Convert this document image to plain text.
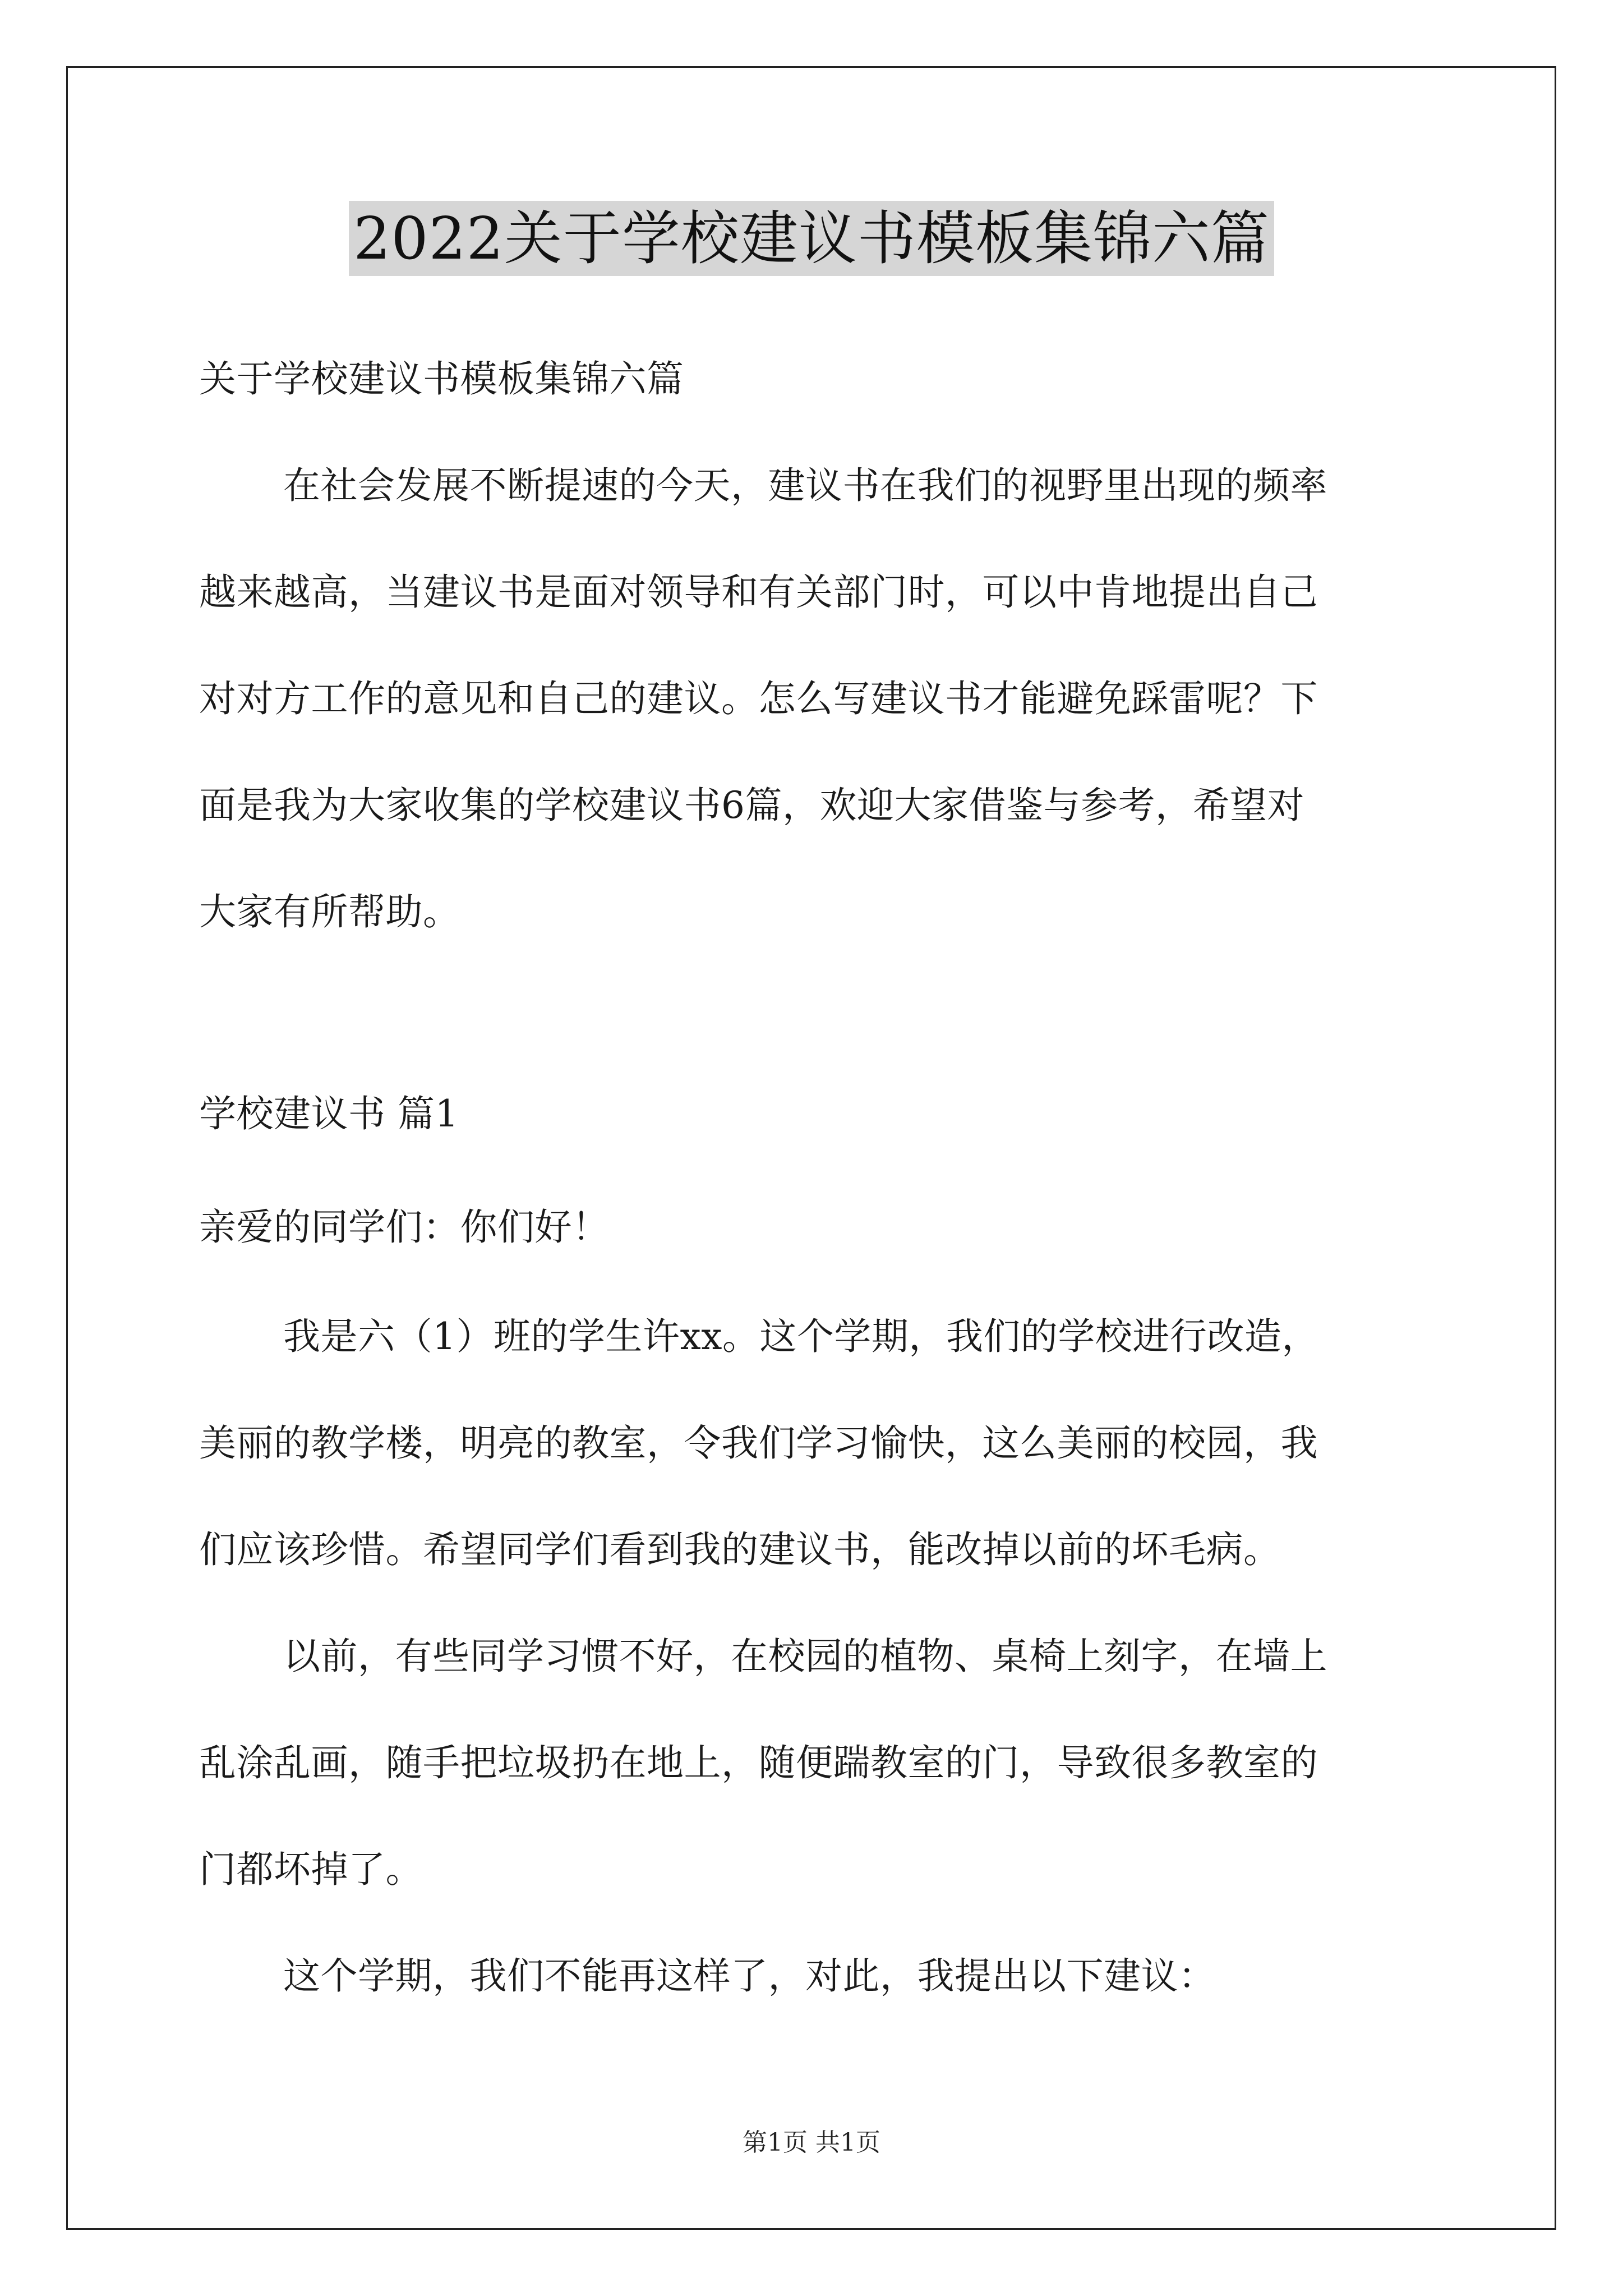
2022关于学校建议书模板集锦六篇

关于学校建议书模板集锦六篇

在社会发展不断提速的今天，建议书在我们的视野里出现的频率

越来越高，当建议书是面对领导和有关部门时，可以中肯地提出自己

对对方工作的意见和自己的建议。怎么写建议书才能避免踩雷呢？下

面是我为大家收集的学校建议书6篇，欢迎大家借鉴与参考，希望对

大家有所帮助。

学校建议书 篇1

亲爱的同学们：你们好！

我是六（1）班的学生许xx。这个学期，我们的学校进行改造，

美丽的教学楼，明亮的教室，令我们学习愉快，这么美丽的校园，我

们应该珍惜。希望同学们看到我的建议书，能改掉以前的坏毛病。

以前，有些同学习惯不好，在校园的植物、桌椅上刻字，在墙上

乱涂乱画，随手把垃圾扔在地上，随便踹教室的门，导致很多教室的

门都坏掉了。

这个学期，我们不能再这样了，对此，我提出以下建议：

第1页 共1页
